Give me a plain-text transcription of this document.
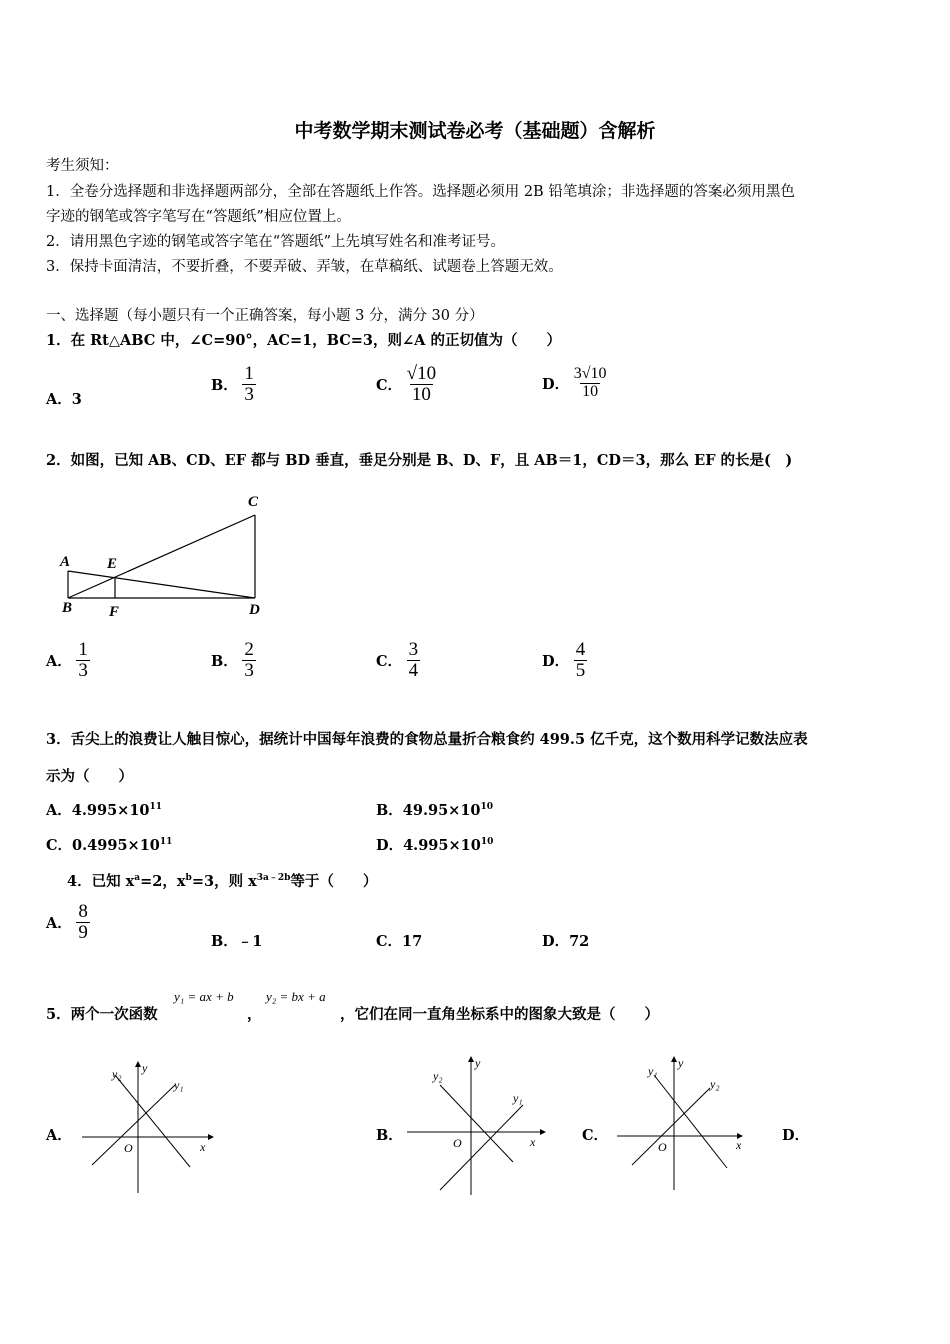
中考数学期末测试卷必考（基础题）含解析
考生须知：
1．全卷分选择题和非选择题两部分，全部在答题纸上作答。选择题必须用 2B 铅笔填涂；非选择题的答案必须用黑色
字迹的钢笔或答字笔写在“答题纸”相应位置上。
2．请用黑色字迹的钢笔或答字笔在“答题纸”上先填写姓名和准考证号。
3．保持卡面清洁，不要折叠，不要弄破、弄皱，在草稿纸、试题卷上答题无效。
一、选择题（每小题只有一个正确答案，每小题 3 分，满分 30 分）
1．在 Rt△ABC 中，∠C=90°，AC=1，BC=3，则∠A 的正切值为（　　）
A．3
B． $\frac{1}{3}$	C． $\frac{√10}{10}$	D． $\frac{3√10}{10}$
2．如图，已知 AB、CD、EF 都与 BD 垂直，垂足分别是 B、D、F，且 AB＝1，CD＝3，那么 EF 的长是(　)
C
A E
B F	D
A． $\frac{1}{3}$	B． $\frac{2}{3}$	C． $\frac{3}{4}$	D． $\frac{4}{5}$
3．舌尖上的浪费让人触目惊心，据统计中国每年浪费的食物总量折合粮食约 499.5 亿千克，这个数用科学记数法应表
示为（　　）
A．$4.995\times 10^{11}$	B．$49.95\times 10^{10}$
C．$0.4995\times 10^{11}$	D．$4.995\times 10^{10}$
4．已知 $x^a=2$，$x^b=3$，则 $x^{3a﹣2b}$等于（　　）
A． $\frac{8}{9}$	B．﹣1	C．17	D．72
5．两个一次函数
y₁ = ax + b
，
y₂ = bx + a
，它们在同一直角坐标系中的图象大致是（　　）
A．
y
y₂
y₁
O	x
B．
y
y₂
y₁
O	x	C．
y
y₁
y₂
O	x
D．
